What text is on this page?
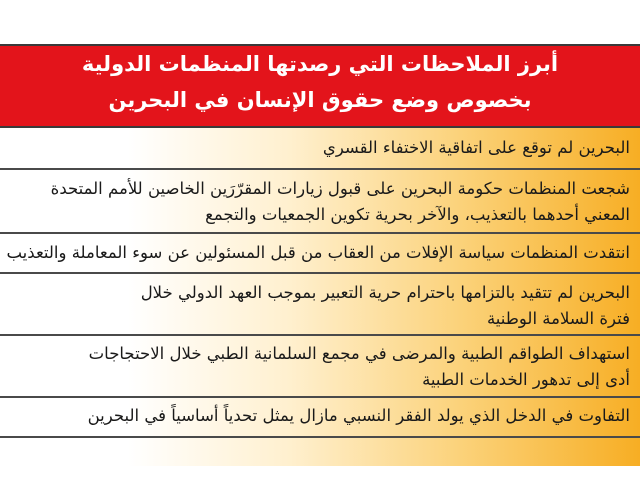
أبرز الملاحظات التي رصدتها المنظمات الدولية
بخصوص وضع حقوق الإنسان في البحرين
البحرين لم توقع على اتفاقية الاختفاء القسري
شجعت المنظمات حكومة البحرين على قبول زيارات المقرّرَين الخاصين للأمم المتحدة
المعني أحدهما بالتعذيب، والآخر بحرية تكوين الجمعيات والتجمع
انتقدت المنظمات سياسة الإفلات من العقاب من قبل المسئولين عن سوء المعاملة والتعذيب
البحرين لم تتقيد بالتزامها باحترام حرية التعبير بموجب العهد الدولي خلال
فترة السلامة الوطنية
استهداف الطواقم الطبية والمرضى في مجمع السلمانية الطبي خلال الاحتجاجات
أدى إلى تدهور الخدمات الطبية
التفاوت في الدخل الذي يولد الفقر النسبي مازال يمثل تحدياً أساسياً في البحرين
